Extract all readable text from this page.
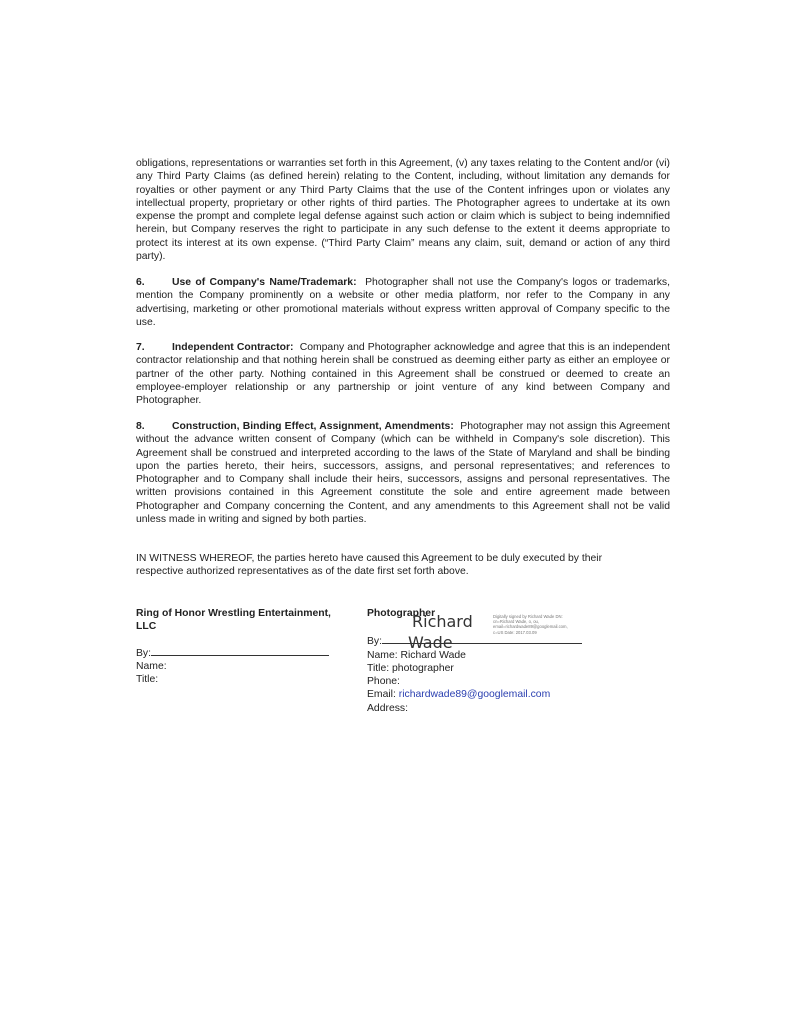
obligations, representations or warranties set forth in this Agreement, (v) any taxes relating to the Content and/or (vi) any Third Party Claims (as defined herein) relating to the Content, including, without limitation any demands for royalties or other payment or any Third Party Claims that the use of the Content infringes upon or violates any intellectual property, proprietary or other rights of third parties. The Photographer agrees to undertake at its own expense the prompt and complete legal defense against such action or claim which is subject to being indemnified herein, but Company reserves the right to participate in any such defense to the extent it deems appropriate to protect its interest at its own expense. (“Third Party Claim” means any claim, suit, demand or action of any third party).
6.	Use of Company's Name/Trademark: Photographer shall not use the Company's logos or trademarks, mention the Company prominently on a website or other media platform, nor refer to the Company in any advertising, marketing or other promotional materials without express written approval of Company specific to the use.
7.	Independent Contractor: Company and Photographer acknowledge and agree that this is an independent contractor relationship and that nothing herein shall be construed as deeming either party as either an employee or partner of the other party. Nothing contained in this Agreement shall be construed or deemed to create an employee-employer relationship or any partnership or joint venture of any kind between Company and Photographer.
8.	Construction, Binding Effect, Assignment, Amendments: Photographer may not assign this Agreement without the advance written consent of Company (which can be withheld in Company's sole discretion). This Agreement shall be construed and interpreted according to the laws of the State of Maryland and shall be binding upon the parties hereto, their heirs, successors, assigns, and personal representatives; and references to Photographer and to Company shall include their heirs, successors, assigns and personal representatives. The written provisions contained in this Agreement constitute the sole and entire agreement made between Photographer and Company concerning the Content, and any amendments to this Agreement shall not be valid unless made in writing and signed by both parties.
IN WITNESS WHEREOF, the parties hereto have caused this Agreement to be duly executed by their respective authorized representatives as of the date first set forth above.
Ring of Honor Wrestling Entertainment,
LLC
By:
Name:
Title:
Photographer
By:
Name: Richard Wade
Title: photographer
Phone:
Email: richardwade89@googlemail.com
Address:
Richard
Wade
Digitally signed by Richard Wade DN: cn=Richard Wade, o, ou, email=richardwade89@googlemail.com, c=US Date: 2017.03.09
